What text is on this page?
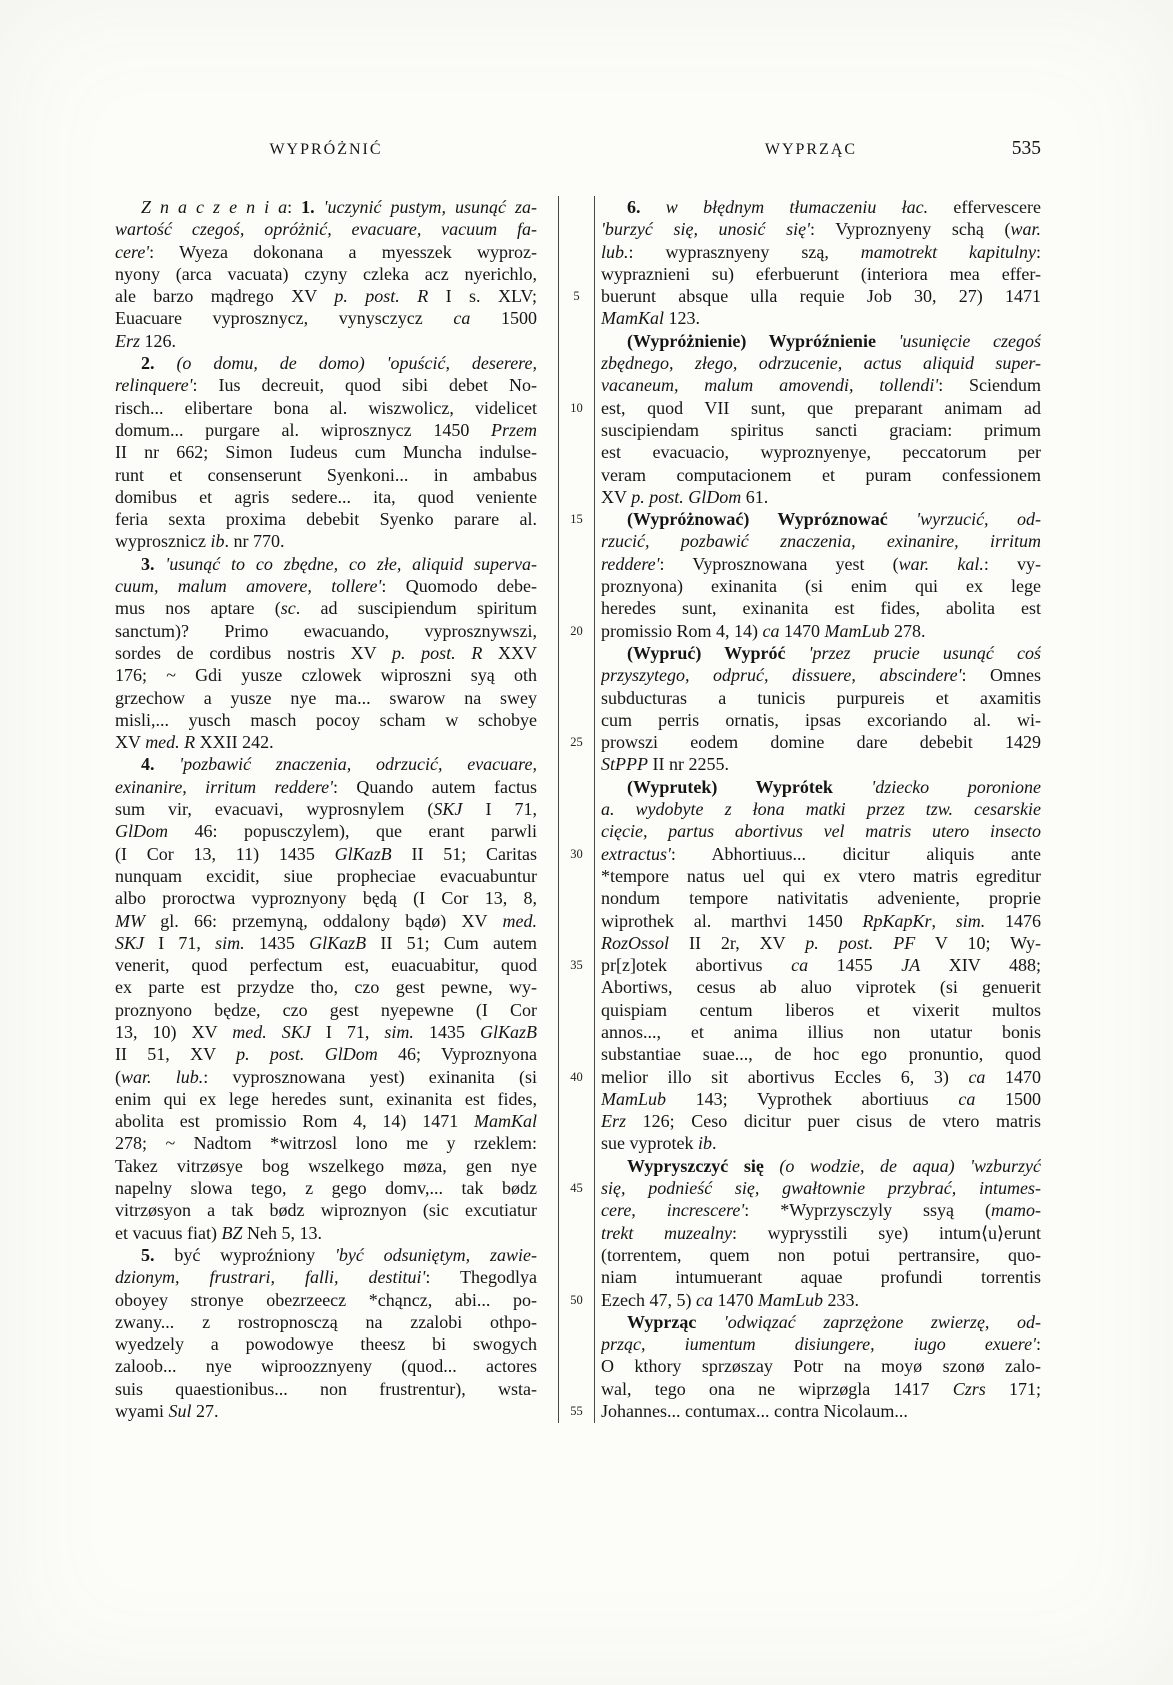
WYPRÓŻNIĆ	WYPRZĄC	535
Z n a c z e n i a: 1. 'uczynić pustym, usunąć za-
wartość czegoś, opróżnić, evacuare, vacuum fa-
cere': Wyeza dokonana a myesszek wyproz-
nyony (arca vacuata) czyny czleka acz nyerichlo,
ale barzo mądrego XV p. post. R I s. XLV;
Euacuare vyprosznycz, vynysczycz ca 1500
Erz 126.
2. (o domu, de domo) 'opuścić, deserere,
relinquere': Ius decreuit, quod sibi debet No-
risch... elibertare bona al. wiszwolicz, videlicet
domum... purgare al. wiprosznycz 1450 Przem
II nr 662; Simon Iudeus cum Muncha indulse-
runt et consenserunt Syenkoni... in ambabus
domibus et agris sedere... ita, quod veniente
feria sexta proxima debebit Syenko parare al.
wyprosznicz ib. nr 770.
3. 'usunąć to co zbędne, co złe, aliquid superva-
cuum, malum amovere, tollere': Quomodo debe-
mus nos aptare (sc. ad suscipiendum spiritum
sanctum)? Primo ewacuando, vyprosznywszi,
sordes de cordibus nostris XV p. post. R XXV
176; ~ Gdi yusze czlowek wiproszni syą oth
grzechow a yusze nye ma... swarow na swey
misli,... yusch masch pocoy scham w schobye
XV med. R XXII 242.
4. 'pozbawić znaczenia, odrzucić, evacuare,
exinanire, irritum reddere': Quando autem factus
sum vir, evacuavi, wyprosnylem (SKJ I 71,
GlDom 46: popusczylem), que erant parwli
(I Cor 13, 11) 1435 GlKazB II 51; Caritas
nunquam excidit, siue propheciae evacuabuntur
albo proroctwa vyproznyony będą (I Cor 13, 8,
MW gl. 66: przemyną, oddalony bądø) XV med.
SKJ I 71, sim. 1435 GlKazB II 51; Cum autem
venerit, quod perfectum est, euacuabitur, quod
ex parte est przydze tho, czo gest pewne, wy-
proznyono będze, czo gest nyepewne (I Cor
13, 10) XV med. SKJ I 71, sim. 1435 GlKazB
II 51, XV p. post. GlDom 46; Vyproznyona
(war. lub.: vyprosznowana yest) exinanita (si
enim qui ex lege heredes sunt, exinanita est fides,
abolita est promissio Rom 4, 14) 1471 MamKal
278; ~ Nadtom *witrzosl lono me y rzeklem:
Takez vitrzøsye bog wszelkego møza, gen nye
napelny slowa tego, z gego domv,... tak bødz
vitrzøsyon a tak bødz wiproznyon (sic excutiatur
et vacuus fiat) BZ Neh 5, 13.
5. być wyproźniony 'być odsuniętym, zawie-
dzionym, frustrari, falli, destitui': Thegodlya
oboyey stronye obezrzeecz *chąncz, abi... po-
zwany... z rostropnosczą na zzalobi othpo-
wyedzely a powodowye theesz bi swogych
zaloob... nye wiproozznyeny (quod... actores
suis quaestionibus... non frustrentur), wsta-
wyami Sul 27.
5
10
15
20
25
30
35
40
45
50
55
6. w błędnym tłumaczeniu łac. effervescere
'burzyć się, unosić się': Vyproznyeny schą (war.
lub.: wyprasznyeny szą, mamotrekt kapitulny:
wypraznieni su) eferbuerunt (interiora mea effer-
buerunt absque ulla requie Job 30, 27) 1471
MamKal 123.
(Wypróżnienie) Wypróźnienie 'usunięcie czegoś
zbędnego, złego, odrzucenie, actus aliquid super-
vacaneum, malum amovendi, tollendi': Sciendum
est, quod VII sunt, que preparant animam ad
suscipiendam spiritus sancti graciam: primum
est evacuacio, wyproznyenye, peccatorum per
veram computacionem et puram confessionem
XV p. post. GlDom 61.
(Wypróżnować) Wypróznować 'wyrzucić, od-
rzucić, pozbawić znaczenia, exinanire, irritum
reddere': Vyprosznowana yest (war. kal.: vy-
proznyona) exinanita (si enim qui ex lege
heredes sunt, exinanita est fides, abolita est
promissio Rom 4, 14) ca 1470 MamLub 278.
(Wypruć) Wypróć 'przez prucie usunąć coś
przyszytego, odpruć, dissuere, abscindere': Omnes
subducturas a tunicis purpureis et axamitis
cum perris ornatis, ipsas excoriando al. wi-
prowszi eodem domine dare debebit 1429
StPPP II nr 2255.
(Wyprutek) Wyprótek 'dziecko poronione
a. wydobyte z łona matki przez tzw. cesarskie
cięcie, partus abortivus vel matris utero insecto
extractus': Abhortiuus... dicitur aliquis ante
*tempore natus uel qui ex vtero matris egreditur
nondum tempore nativitatis adveniente, proprie
wiprothek al. marthvi 1450 RpKapKr, sim. 1476
RozOssol II 2r, XV p. post. PF V 10; Wy-
pr[z]otek abortivus ca 1455 JA XIV 488;
Abortiws, cesus ab aluo viprotek (si genuerit
quispiam centum liberos et vixerit multos
annos..., et anima illius non utatur bonis
substantiae suae..., de hoc ego pronuntio, quod
melior illo sit abortivus Eccles 6, 3) ca 1470
MamLub 143; Vyprothek abortiuus ca 1500
Erz 126; Ceso dicitur puer cisus de vtero matris
sue vyprotek ib.
Wypryszczyć się (o wodzie, de aqua) 'wzburzyć
się, podnieść się, gwałtownie przybrać, intumes-
cere, increscere': *Wyprzysczyly ssyą (mamo-
trekt muzealny: wyprysstili sye) intum⟨u⟩erunt
(torrentem, quem non potui pertransire, quo-
niam intumuerant aquae profundi torrentis
Ezech 47, 5) ca 1470 MamLub 233.
Wyprząc 'odwiązać zaprzężone zwierzę, od-
prząc, iumentum disiungere, iugo exuere':
O kthory sprzøszay Potr na moyø szonø zalo-
wal, tego ona ne wiprzøgla 1417 Czrs 171;
Johannes... contumax... contra Nicolaum...
